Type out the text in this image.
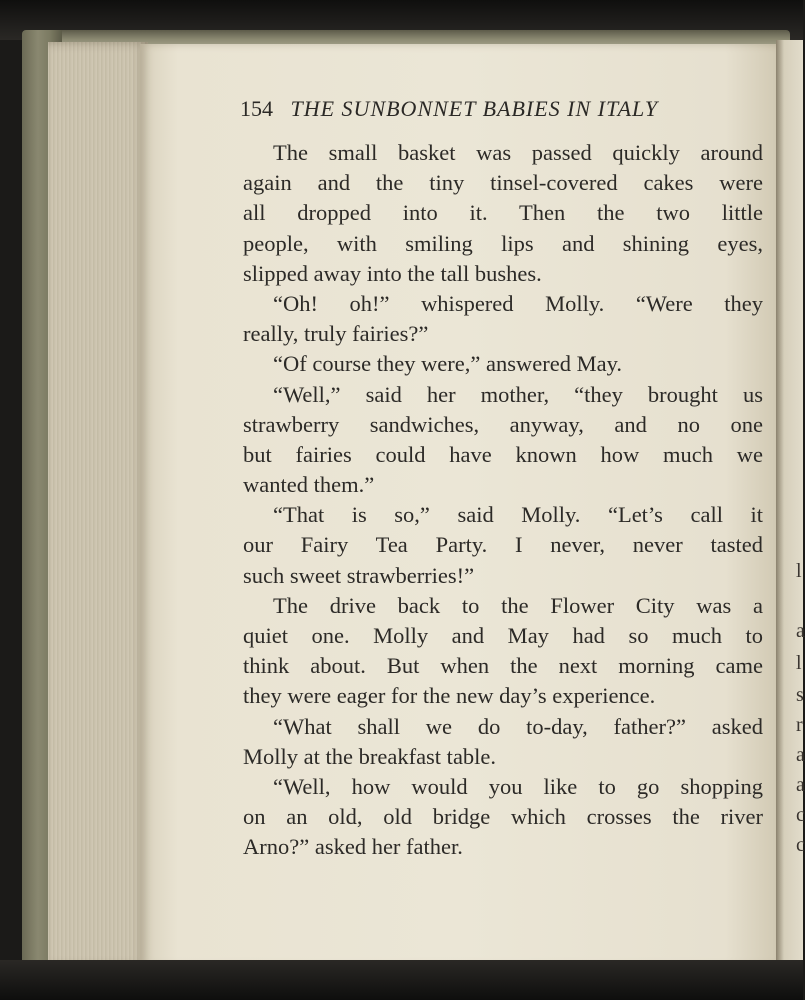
l
a
l
s
r
a
a
c
c
154 THE SUNBONNET BABIES IN ITALY
The small basket was passed quickly around
again and the tiny tinsel-covered cakes were
all dropped into it. Then the two little
people, with smiling lips and shining eyes,
slipped away into the tall bushes.
“Oh! oh!” whispered Molly. “Were they
really, truly fairies?”
“Of course they were,” answered May.
“Well,” said her mother, “they brought us
strawberry sandwiches, anyway, and no one
but fairies could have known how much we
wanted them.”
“That is so,” said Molly. “Let’s call it
our Fairy Tea Party. I never, never tasted
such sweet strawberries!”
The drive back to the Flower City was a
quiet one. Molly and May had so much to
think about. But when the next morning came
they were eager for the new day’s experience.
“What shall we do to-day, father?” asked
Molly at the breakfast table.
“Well, how would you like to go shopping
on an old, old bridge which crosses the river
Arno?” asked her father.
